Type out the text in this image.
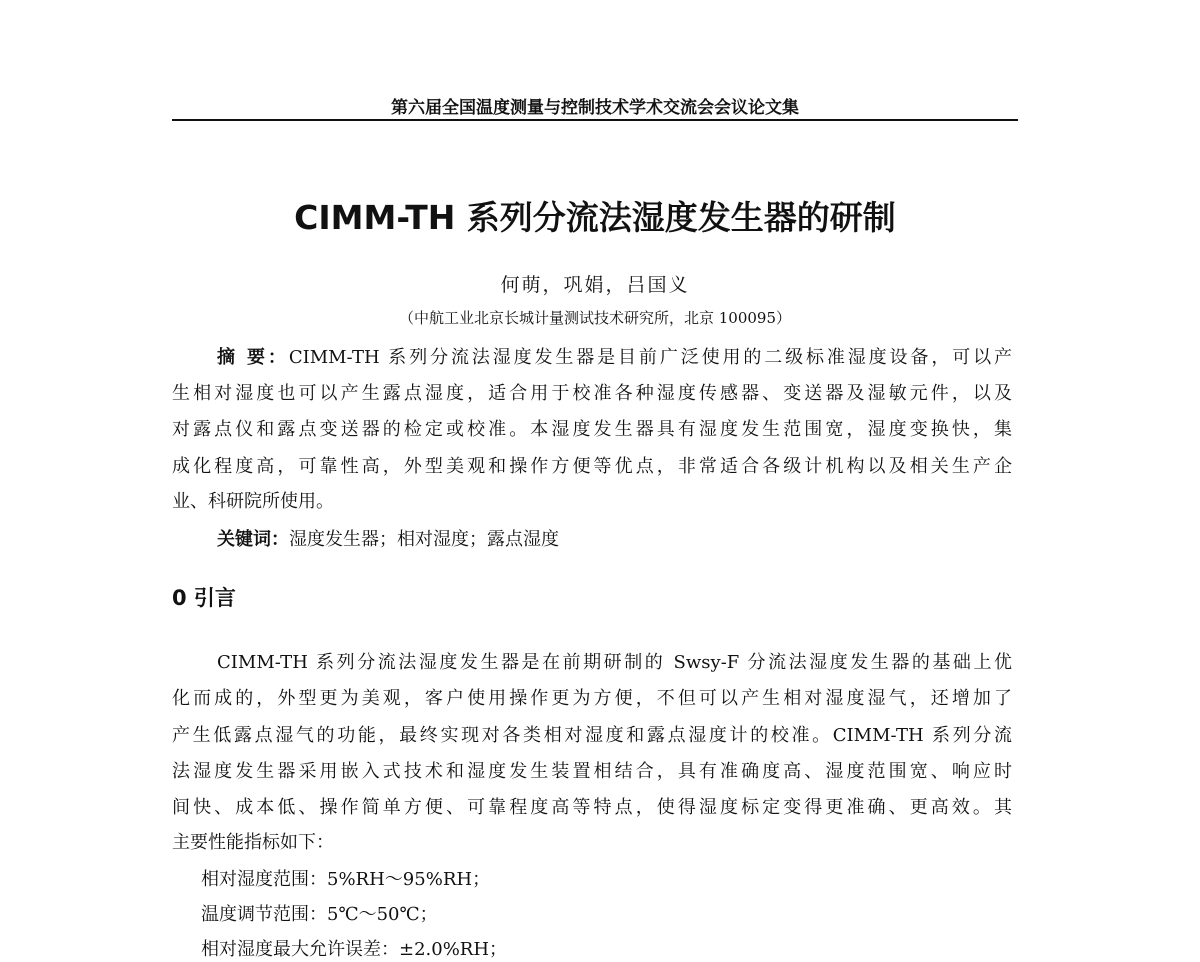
第六届全国温度测量与控制技术学术交流会会议论文集
CIMM-TH 系列分流法湿度发生器的研制
何萌，巩娟，吕国义
（中航工业北京长城计量测试技术研究所，北京 100095）
摘 要：CIMM-TH 系列分流法湿度发生器是目前广泛使用的二级标准湿度设备，可以产
生相对湿度也可以产生露点湿度，适合用于校准各种湿度传感器、变送器及湿敏元件，以及
对露点仪和露点变送器的检定或校准。本湿度发生器具有湿度发生范围宽，湿度变换快，集
成化程度高，可靠性高，外型美观和操作方便等优点，非常适合各级计机构以及相关生产企
业、科研院所使用。
关键词：湿度发生器；相对湿度；露点湿度
0 引言
CIMM-TH 系列分流法湿度发生器是在前期研制的 Swsy-F 分流法湿度发生器的基础上优
化而成的，外型更为美观，客户使用操作更为方便，不但可以产生相对湿度湿气，还增加了
产生低露点湿气的功能，最终实现对各类相对湿度和露点湿度计的校准。CIMM-TH 系列分流
法湿度发生器采用嵌入式技术和湿度发生装置相结合，具有准确度高、湿度范围宽、响应时
间快、成本低、操作简单方便、可靠程度高等特点，使得湿度标定变得更准确、更高效。其
主要性能指标如下：
相对湿度范围：5%RH～95%RH；
温度调节范围：5℃～50℃；
相对湿度最大允许误差：±2.0%RH；
